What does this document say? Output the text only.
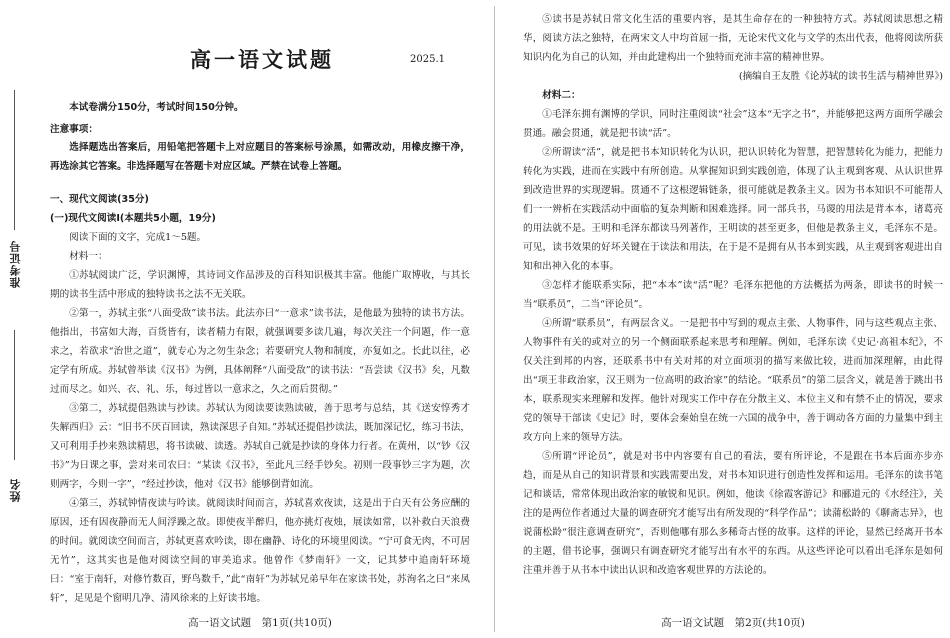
准考证号
姓名
高一语文试题	2025.1

本试卷满分150分，考试时间150分钟。

注意事项：

选择题选出答案后，用铅笔把答题卡上对应题目的答案标号涂黑，如需改动，用橡皮擦干净，再选涂其它答案。非选择题写在答题卡对应区域。严禁在试卷上答题。

一、现代文阅读(35分)

(一)现代文阅读Ⅰ(本题共5小题，19分)

阅读下面的文字，完成1～5题。

材料一：

①苏轼阅读广泛，学识渊博，其诗词文作品涉及的百科知识极其丰富。他能广取博收，与其长期的读书生活中形成的独特读书之法不无关联。

②第一，苏轼主张“八面受敌”读书法。此法亦曰“一意求”读书法，是他最为独特的读书方法。他指出，书富如大海，百货皆有，读者精力有限，就强调要多读几遍，每次关注一个问题，作一意求之，若欲求“治世之道”，就专心为之勿生杂念；若要研究人物和制度，亦复如之。长此以往，必定学有所成。苏轼曾举读《汉书》为例，具体阐释“八面受敌”的读书法：“吾尝读《汉书》矣，凡数过而尽之。如兴、衣、礼、乐，每过皆以一意求之，久之而后贯彻。”

③第二，苏轼提倡熟读与抄读。苏轼认为阅读要读熟读破，善于思考与总结，其《送安惇秀才失解西归》云：“旧书不厌百回读，熟读深思子自知。”苏轼还提倡抄读法，既加深记忆，练习书法，又可利用手抄来熟读精思，将书读破、读透。苏轼自己就是抄读的身体力行者。在黄州，以“钞《汉书》”为日课之事，尝对来司农曰：“某读《汉书》，至此凡三经手钞矣。初则一段事钞三字为题，次则两字，今则一字”，“经过抄读，他对《汉书》能够倒背如流。

④第三，苏轼钟情夜读与吟读。就阅读时间而言，苏轼喜欢夜读，这是出于白天有公务应酬的原因，还有因夜静而无人间浮躁之故。即使夜半醉归，他亦挑灯夜烛，展读如常，以补救白天浪费的时间。就阅读空间而言，苏轼更喜欢吟读，即在幽静、诗化的环境里阅读。“宁可食无肉，不可居无竹”，这其实也是他对阅读空间的审美追求。他曾作《梦南轩》一文，记其梦中追南轩环境曰：“室于南轩，对修竹数百，野鸟数千，”此“南轩”为苏轼兄弟早年在家读书处，苏洵名之曰“来凤轩”，足见是个窗明几净、清风徐来的上好读书地。

高一语文试题　第1页(共10页)

⑤读书是苏轼日常文化生活的重要内容，是其生命存在的一种独特方式。苏轼阅读思想之精华，阅读方法之独特，在两宋文人中均首屈一指，无论宋代文化与文学的杰出代表，他将阅读所获知识内化为自己的认知，并由此建构出一个独特而充沛丰富的精神世界。

(摘编自王友胜《论苏轼的读书生活与精神世界》)

材料二：

①毛泽东拥有渊博的学识，同时注重阅读“社会”这本“无字之书”，并能够把这两方面所学融会贯通。融会贯通，就是把书读“活”。

②所谓读“活”，就是把书本知识转化为认识，把认识转化为智慧，把智慧转化为能力，把能力转化为实践，进而在实践中有所创造。从掌握知识到实践创造，体现了认主观到客观、从认识世界到改造世界的实现逻辑。贯通不了这根逻辑链条，很可能就是教条主义。因为书本知识不可能帮人们一一辨析在实践活动中面临的复杂判断和困难选择。同一部兵书，马谡的用法是背本本，诸葛亮的用法就不是。王明和毛泽东都读马列著作，王明读的甚至更多，但他是教条主义，毛泽东不是。可见，读书效果的好坏关键在于读法和用法，在于是不是拥有从书本到实践，从主观到客观进出自知和出神入化的本事。

③怎样才能联系实际，把“本本”读“活”呢？毛泽东把他的方法概括为两条，即读书的时候一当“联系员”，二当“评论员”。

④所谓“联系员”，有两层含义。一是把书中写到的观点主张、人物事件，同与这些观点主张、人物事件有关的或对立的另一个侧面联系起来思考和理解。例如，毛泽东读《史记·高祖本纪》，不仅关注到邦的内容，还联系书中有关对邦的对立面项羽的描写来做比较，进而加深理解，由此得出“项王非政治家，汉王则为一位高明的政治家”的结论。“联系员”的第二层含义，就是善于跳出书本，联系现实来理解和发挥。他针对现实工作中存在分散主义、本位主义和有禁不止的情况，要求党的领导干部读《史记》时，要体会秦始皇在统一六国的战争中，善于调动各方面的力量集中到主攻方向上来的领导方法。

⑤所谓“评论员”，就是对书中内容要有自己的看法，要有所评论，不是跟在书本后面亦步亦趋，而是从自己的知识背景和实践需要出发，对书本知识进行创造性发挥和运用。毛泽东的读书笔记和谈话，常常体现出政治家的敏锐和见识。例如，他读《徐霞客游记》和郦道元的《水经注》，关注的是两位作者通过大量的调查研究才能写出有所发现的“科学作品”；读蒲松龄的《聊斋志异》，也说蒲松龄“很注意调查研究”，否则他哪有那么多稀奇古怪的故事。这样的评论，显然已经离开书本的主题，借书论事，强调只有调查研究才能写出有水平的东西。从这些评论可以看出毛泽东是如何注重并善于从书本中读出认识和改造客观世界的方法论的。

高一语文试题　第2页(共10页)
